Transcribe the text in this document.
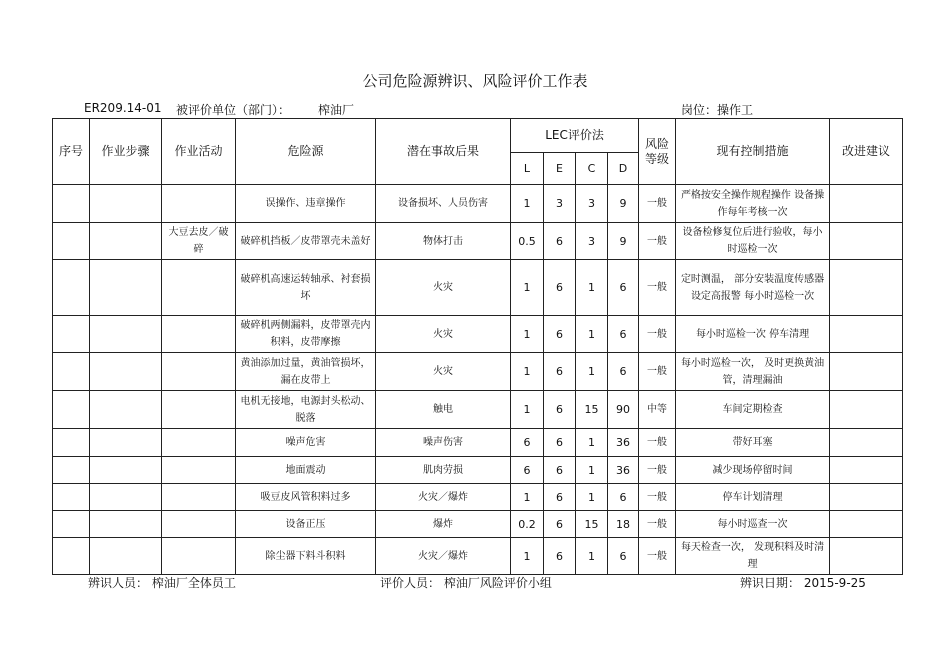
公司危险源辨识、风险评价工作表
ER209.14-01 被评价单位（部门）： 榨油厂	岗位：操作工
序号	作业步骤	作业活动	危险源	潜在事故后果	LEC评价法				风险等级	现有控制措施	改进建议
					L	E	C	D			
			误操作、违章操作	设备损坏、人员伤害	1	3	3	9	一般	严格按安全操作规程操作 设备操作每年考核一次	
		大豆去皮／破碎	破碎机挡板／皮带罩壳未盖好	物体打击	0.5	6	3	9	一般	设备检修复位后进行验收，每小时巡检一次	
			破碎机高速运转轴承、衬套损坏	火灾	1	6	1	6	一般	定时测温， 部分安装温度传感器设定高报警 每小时巡检一次	
			破碎机两侧漏料，皮带罩壳内积料，皮带摩擦	火灾	1	6	1	6	一般	每小时巡检一次 停车清理	
			黄油添加过量，黄油管损坏，漏在皮带上	火灾	1	6	1	6	一般	每小时巡检一次， 及时更换黄油管，清理漏油	
			电机无接地，电源封头松动、脱落	触电	1	6	15	90	中等	车间定期检查	
			噪声危害	噪声伤害	6	6	1	36	一般	带好耳塞	
			地面震动	肌肉劳损	6	6	1	36	一般	减少现场停留时间	
			吸豆皮风管积料过多	火灾／爆炸	1	6	1	6	一般	停车计划清理	
			设备正压	爆炸	0.2	6	15	18	一般	每小时巡查一次	
			除尘器下料斗积料	火灾／爆炸	1	6	1	6	一般	每天检查一次， 发现积料及时清理	
辨识人员： 榨油厂全体员工	评价人员： 榨油厂风险评价小组	辨识日期： 2015-9-25
